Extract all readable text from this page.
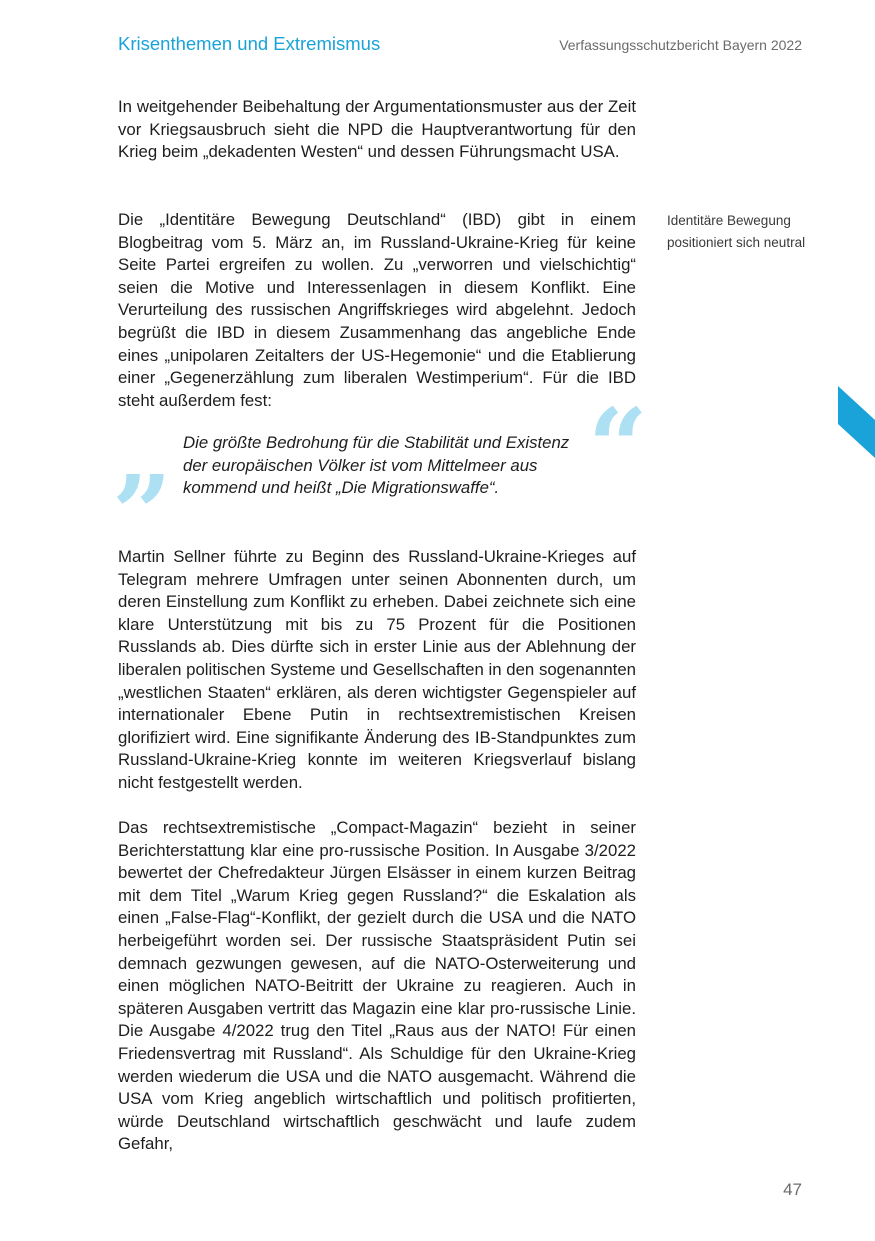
Krisenthemen und Extremismus	Verfassungsschutzbericht Bayern 2022

In weitgehender Beibehaltung der Argumentationsmuster aus der Zeit vor Kriegsausbruch sieht die NPD die Hauptverantwortung für den Krieg beim „dekadenten Westen“ und dessen Führungsmacht USA.

Die „Identitäre Bewegung Deutschland“ (IBD) gibt in einem Blogbeitrag vom 5. März an, im Russland-Ukraine-Krieg für keine Seite Partei ergreifen zu wollen. Zu „verworren und vielschichtig“ seien die Motive und Interessenlagen in diesem Konflikt. Eine Verurteilung des russischen Angriffskrieges wird abgelehnt. Jedoch begrüßt die IBD in diesem Zusammenhang das angebliche Ende eines „unipolaren Zeitalters der US-Hegemonie“ und die Etablierung einer „Gegenerzählung zum liberalen Westimperium“. Für die IBD steht außerdem fest:	“

Die größte Bedrohung für die Stabilität und Existenz der europäischen Völker ist vom Mittelmeer aus kommend und heißt „Die Migrationswaffe“.

”

Martin Sellner führte zu Beginn des Russland-Ukraine-Krieges auf Telegram mehrere Umfragen unter seinen Abonnenten durch, um deren Einstellung zum Konflikt zu erheben. Dabei zeichnete sich eine klare Unterstützung mit bis zu 75 Prozent für die Positionen Russlands ab. Dies dürfte sich in erster Linie aus der Ablehnung der liberalen politischen Systeme und Gesellschaften in den sogenannten „westlichen Staaten“ erklären, als deren wichtigster Gegenspieler auf internationaler Ebene Putin in rechtsextremistischen Kreisen glorifiziert wird. Eine signifikante Änderung des IB-Standpunktes zum Russland-Ukraine-Krieg konnte im weiteren Kriegsverlauf bislang nicht festgestellt werden.

Das rechtsextremistische „Compact-Magazin“ bezieht in seiner Berichterstattung klar eine pro-russische Position. In Ausgabe 3/2022 bewertet der Chefredakteur Jürgen Elsässer in einem kurzen Beitrag mit dem Titel „Warum Krieg gegen Russland?“ die Eskalation als einen „False-Flag“-Konflikt, der gezielt durch die USA und die NATO herbeigeführt worden sei. Der russische Staatspräsident Putin sei demnach gezwungen gewesen, auf die NATO-Osterweiterung und einen möglichen NATO-Beitritt der Ukraine zu reagieren. Auch in späteren Ausgaben vertritt das Magazin eine klar pro-russische Linie. Die Ausgabe 4/2022 trug den Titel „Raus aus der NATO! Für einen Friedensvertrag mit Russland“. Als Schuldige für den Ukraine-Krieg werden wiederum die USA und die NATO ausgemacht. Während die USA vom Krieg angeblich wirtschaftlich und politisch profitierten, würde Deutschland wirtschaftlich geschwächt und laufe zudem Gefahr,

Identitäre Bewegung positioniert sich neutral
47
